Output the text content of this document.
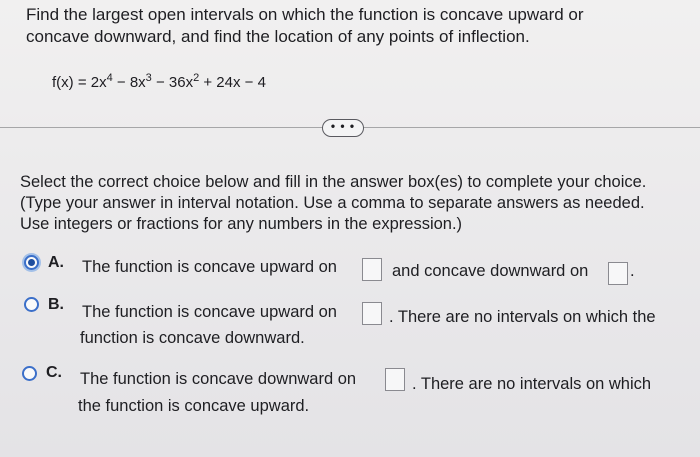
Find the largest open intervals on which the function is concave upward or
concave downward, and find the location of any points of inflection.
$f(x) = 2x^4 - 8x^3 - 36x^2 + 24x - 4$
• • •
Select the correct choice below and fill in the answer box(es) to complete your choice.
(Type your answer in interval notation. Use a comma to separate answers as needed.
Use integers or fractions for any numbers in the expression.)
A. The function is concave upward on	and concave downward on	.
B. The function is concave upward on	. There are no intervals on which the
function is concave downward.
C. The function is concave downward on	. There are no intervals on which
the function is concave upward.
